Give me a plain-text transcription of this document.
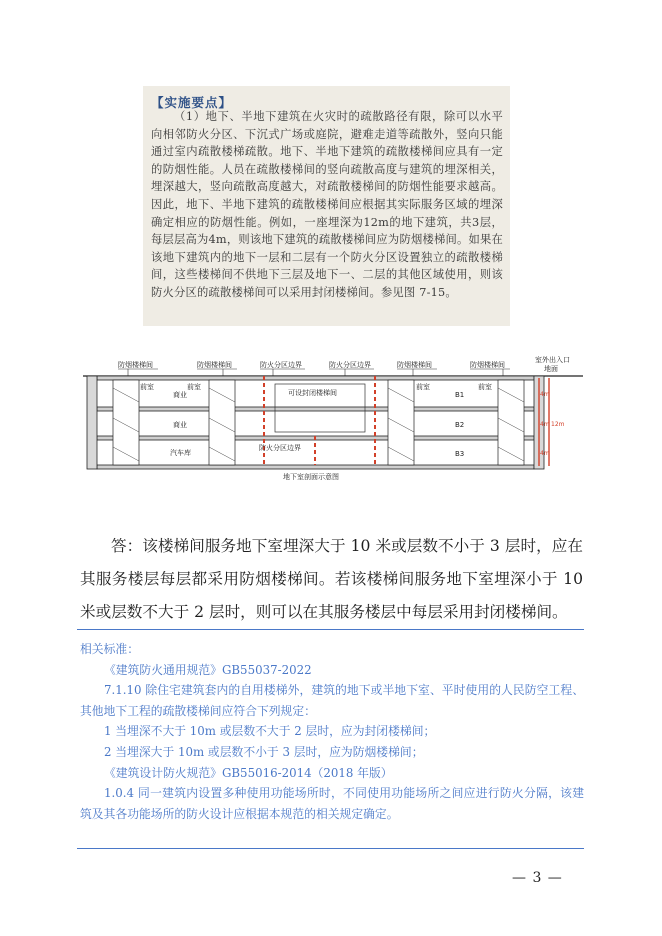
【实施要点】
（1）地下、半地下建筑在火灾时的疏散路径有限，除可以水平向相邻防火分区、下沉式广场或庭院，避难走道等疏散外，竖向只能通过室内疏散楼梯疏散。地下、半地下建筑的疏散楼梯间应具有一定的防烟性能。人员在疏散楼梯间的竖向疏散高度与建筑的埋深相关，埋深越大，竖向疏散高度越大，对疏散楼梯间的防烟性能要求越高。因此，地下、半地下建筑的疏散楼梯间应根据其实际服务区域的埋深确定相应的防烟性能。例如，一座埋深为12m的地下建筑，共3层，每层层高为4m，则该地下建筑的疏散楼梯间应为防烟楼梯间。如果在该地下建筑内的地下一层和二层有一个防火分区设置独立的疏散楼梯间，这些楼梯间不供地下三层及地下一、二层的其他区域使用，则该防火分区的疏散楼梯间可以采用封闭楼梯间。参见图 7-15。
防烟楼梯间	防烟楼梯间	防火分区边界	防火分区边界	防烟楼梯间	防烟楼梯间
室外出入口
地面
前室	前室	前室	前室
可设封闭楼梯间
商业
商业
汽车库
防火分区边界
B1
B2
B3
4m
4m
4m
12m
地下室剖面示意图
答：该楼梯间服务地下室埋深大于 10 米或层数不小于 3 层时，应在其服务楼层每层都采用防烟楼梯间。若该楼梯间服务地下室埋深小于 10 米或层数不大于 2 层时，则可以在其服务楼层中每层采用封闭楼梯间。

相关标准：

《建筑防火通用规范》GB55037-2022

7.1.10 除住宅建筑套内的自用楼梯外，建筑的地下或半地下室、平时使用的人民防空工程、其他地下工程的疏散楼梯间应符合下列规定：

1 当埋深不大于 10m 或层数不大于 2 层时，应为封闭楼梯间；

2 当埋深大于 10m 或层数不小于 3 层时，应为防烟楼梯间；

《建筑设计防火规范》GB55016-2014（2018 年版）

1.0.4 同一建筑内设置多种使用功能场所时，不同使用功能场所之间应进行防火分隔，该建筑及其各功能场所的防火设计应根据本规范的相关规定确定。

— 3 —
